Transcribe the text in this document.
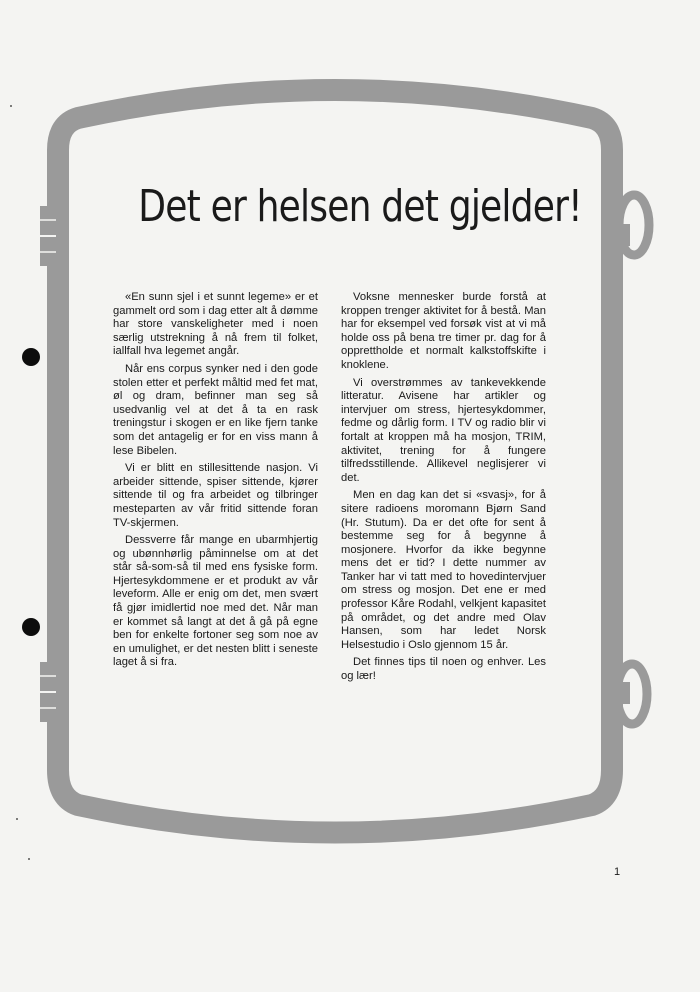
Det er helsen det gjelder!

«En sunn sjel i et sunnt legeme» er et gammelt ord som i dag etter alt å dømme har store vanskeligheter med i noen særlig utstrekning å nå frem til folket, iallfall hva legemet angår.

Når ens corpus synker ned i den gode stolen etter et perfekt måltid med fet mat, øl og dram, befinner man seg så usedvanlig vel at det å ta en rask treningstur i skogen er en like fjern tanke som det antagelig er for en viss mann å lese Bibelen.

Vi er blitt en stillesittende nasjon. Vi arbeider sittende, spiser sittende, kjører sittende til og fra arbeidet og tilbringer mesteparten av vår fritid sittende foran TV-skjermen.

Dessverre får mange en ubarmhjertig og ubønnhørlig påminnelse om at det står så-som-så til med ens fysiske form. Hjertesykdommene er et produkt av vår leveform. Alle er enig om det, men svært få gjør imidlertid noe med det. Når man er kommet så langt at det å gå på egne ben for enkelte fortoner seg som noe av en umulighet, er det nesten blitt i seneste laget å si fra.

Voksne mennesker burde forstå at kroppen trenger aktivitet for å bestå. Man har for eksempel ved forsøk vist at vi må holde oss på bena tre timer pr. dag for å opprettholde et normalt kalkstoffskifte i knoklene.

Vi overstrømmes av tankevekkende litteratur. Avisene har artikler og intervjuer om stress, hjertesykdommer, fedme og dårlig form. I TV og radio blir vi fortalt at kroppen må ha mosjon, TRIM, aktivitet, trening for å fungere tilfredsstillende. Allikevel neglisjerer vi det.

Men en dag kan det si «svasj», for å sitere radioens moromann Bjørn Sand (Hr. Stutum). Da er det ofte for sent å bestemme seg for å begynne å mosjonere. Hvorfor da ikke begynne mens det er tid? I dette nummer av Tanker har vi tatt med to hovedintervjuer om stress og mosjon. Det ene er med professor Kåre Rodahl, velkjent kapasitet på området, og det andre med Olav Hansen, som har ledet Norsk Helsestudio i Oslo gjennom 15 år.

Det finnes tips til noen og enhver. Les og lær!

1
